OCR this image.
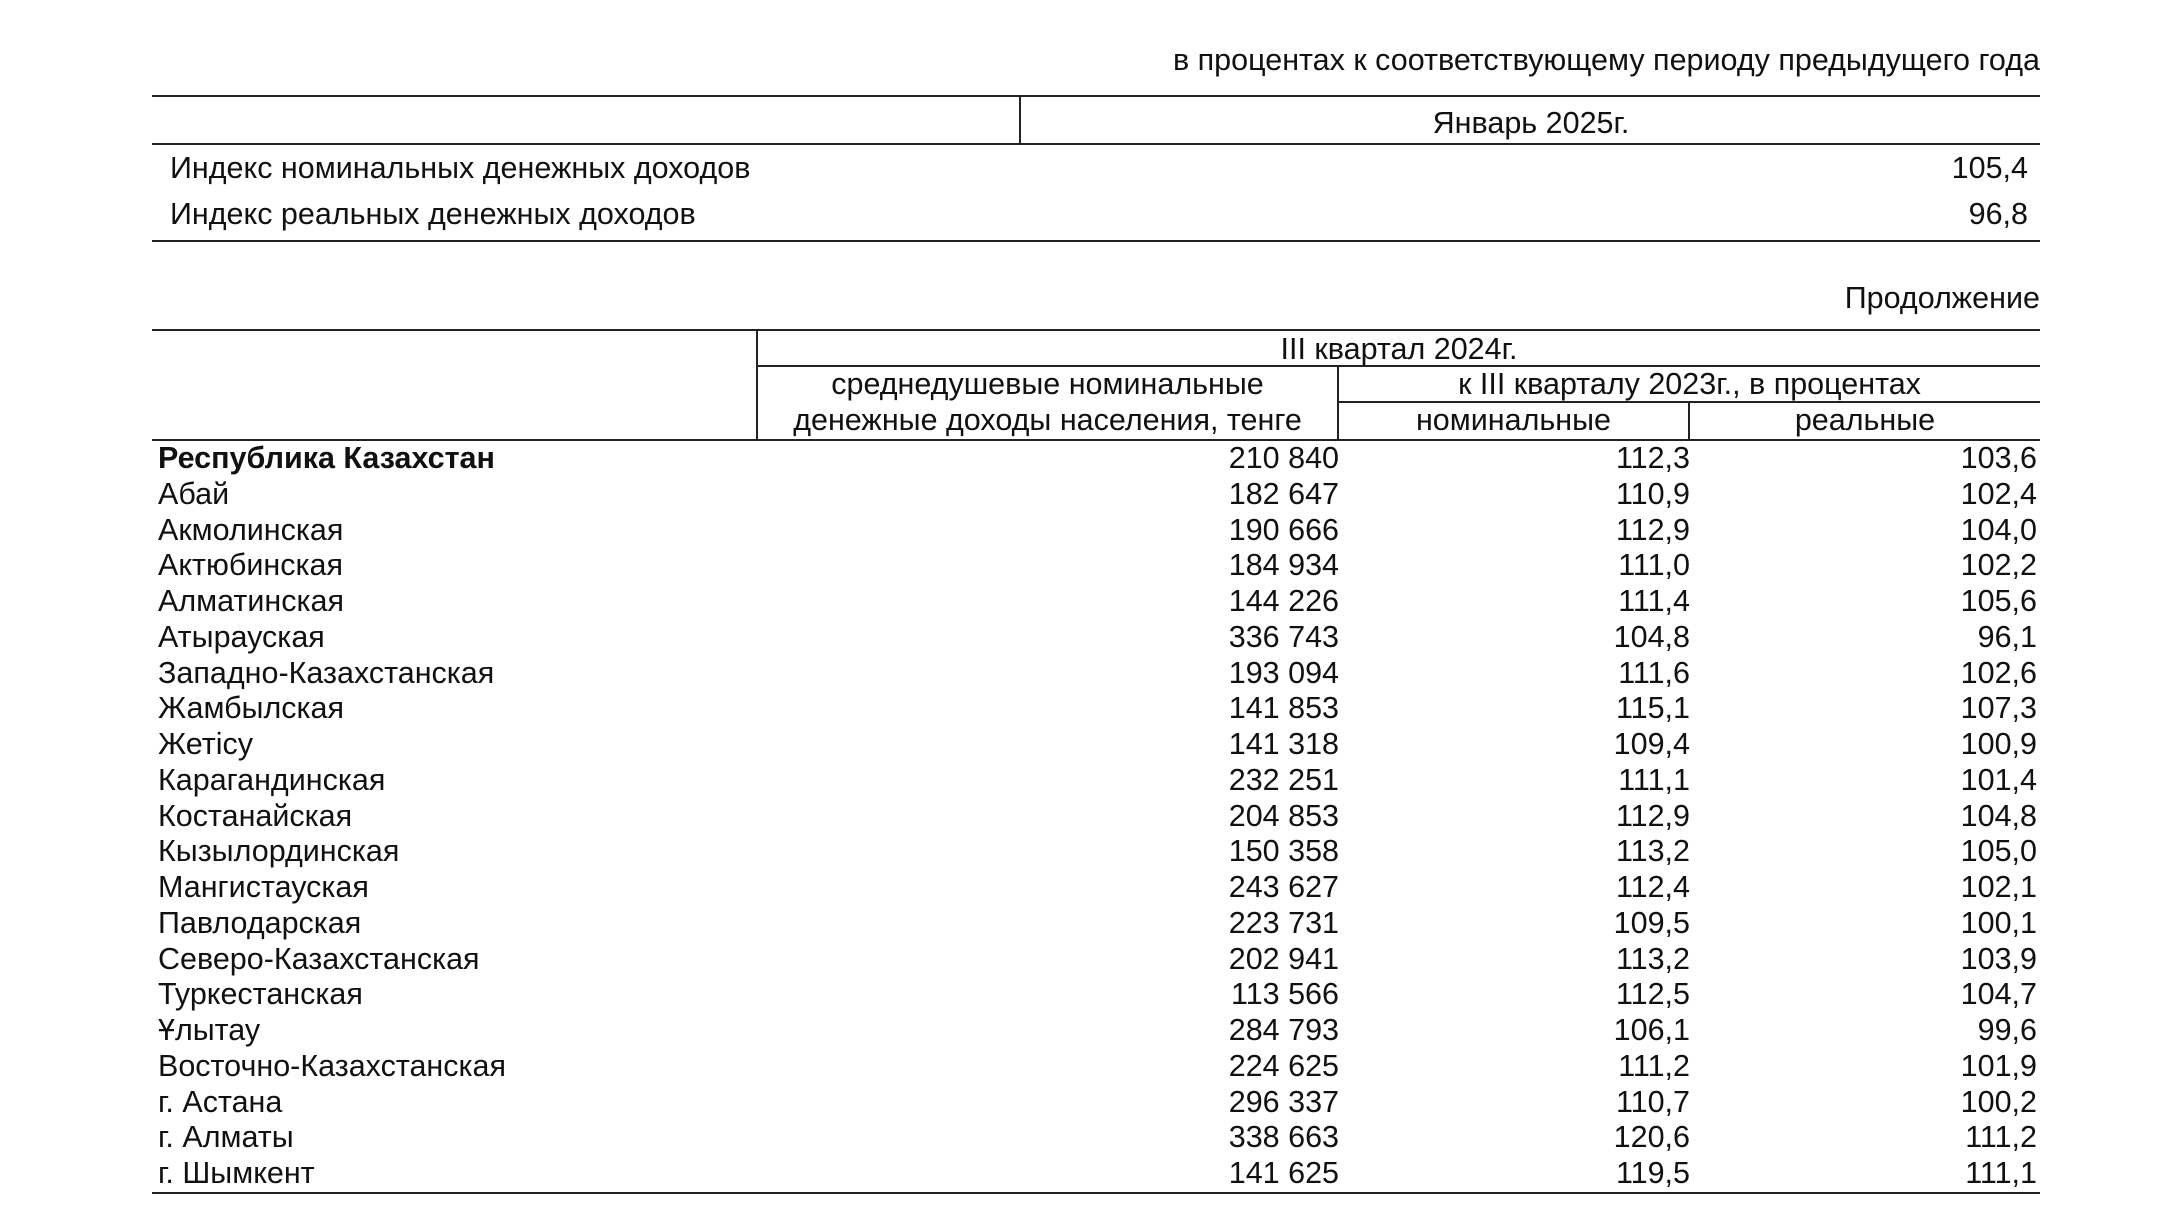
в процентах к соответствующему периоду предыдущего года
Январь 2025г.
Индекс номинальных денежных доходов	105,4
Индекс реальных денежных доходов	96,8
Продолжение
III квартал 2024г.
среднедушевые номинальные
денежные доходы населения, тенге
к III кварталу 2023г., в процентах
номинальные	реальные
Республика Казахстан	210 840	112,3	103,6
Абай	182 647	110,9	102,4
Акмолинская	190 666	112,9	104,0
Актюбинская	184 934	111,0	102,2
Алматинская	144 226	111,4	105,6
Атырауская	336 743	104,8	96,1
Западно-Казахстанская	193 094	111,6	102,6
Жамбылская	141 853	115,1	107,3
Жетісу	141 318	109,4	100,9
Карагандинская	232 251	111,1	101,4
Костанайская	204 853	112,9	104,8
Кызылординская	150 358	113,2	105,0
Мангистауская	243 627	112,4	102,1
Павлодарская	223 731	109,5	100,1
Северо-Казахстанская	202 941	113,2	103,9
Туркестанская	113 566	112,5	104,7
Ұлытау	284 793	106,1	99,6
Восточно-Казахстанская	224 625	111,2	101,9
г. Астана	296 337	110,7	100,2
г. Алматы	338 663	120,6	111,2
г. Шымкент	141 625	119,5	111,1
